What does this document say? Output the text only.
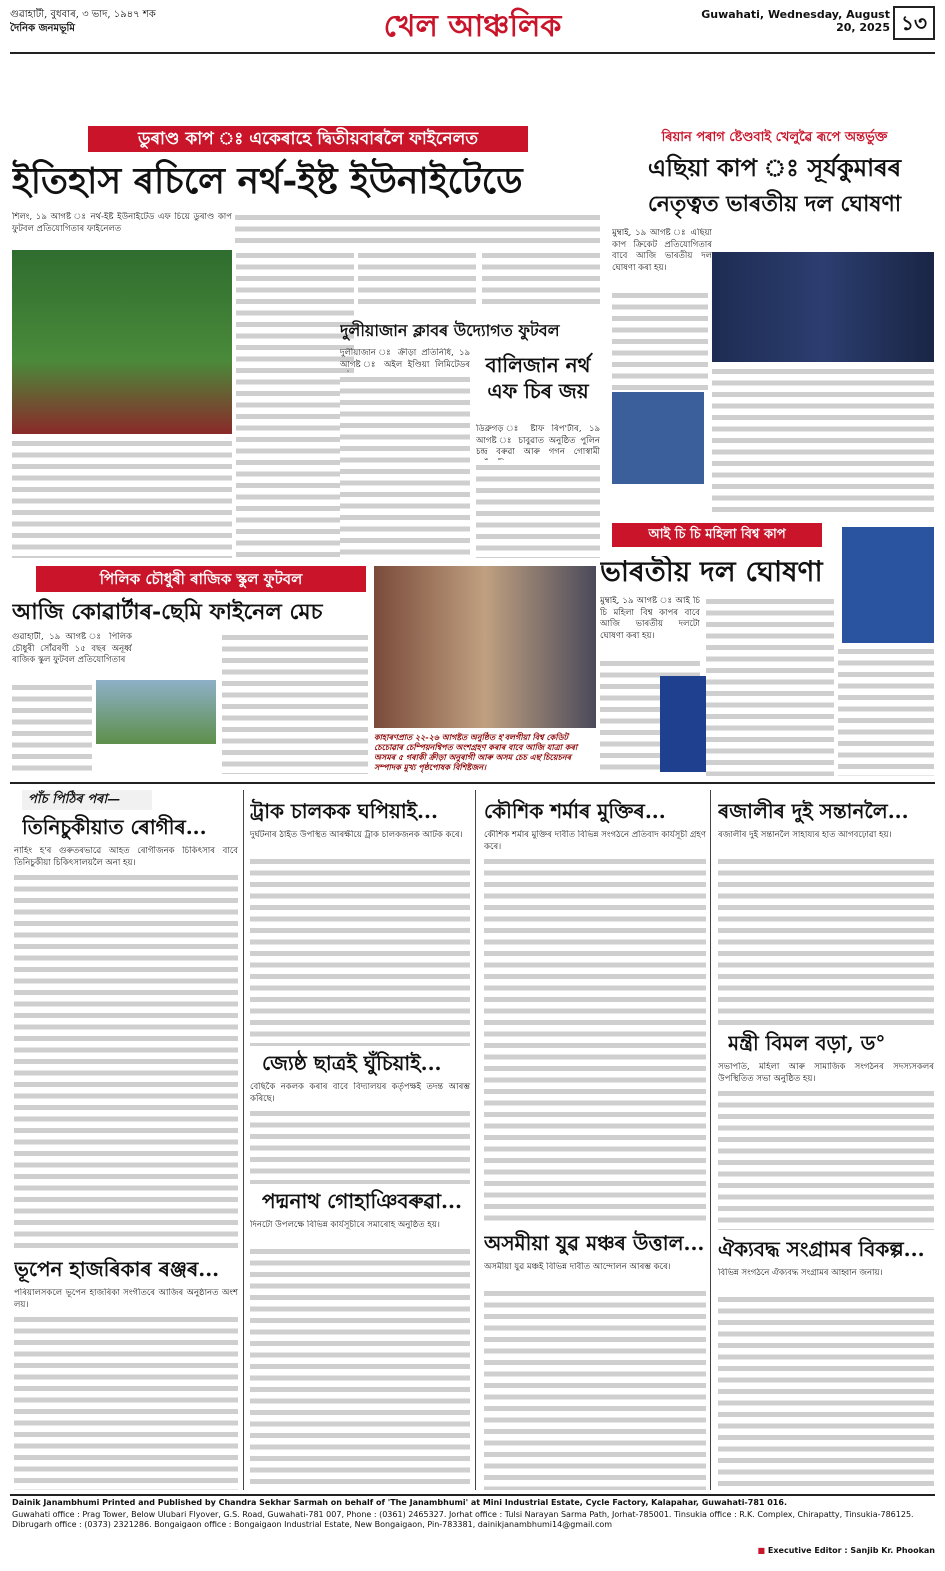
গুৱাহাটী, বুধবাৰ, ৩ ভাদ, ১৯৪৭ শক
দৈনিক জনমভূমি	খেল আঞ্চলিক	Guwahati, Wednesday, August 20, 2025 ১৩
ডুৰাণ্ড কাপ ঃ একেৰাহে দ্বিতীয়বাৰলৈ ফাইনেলত
ইতিহাস ৰচিলে নৰ্থ-ইষ্ট ইউনাইটেডে
শিলং, ১৯ আগষ্ট ঃ নৰ্থ-ইষ্ট ইউনাইটেড এফ চিয়ে ডুৰাণ্ড কাপ ফুটবল প্ৰতিযোগিতাৰ ফাইনেলত
দুলীয়াজান ক্লাবৰ উদ্যোগত ফুটবল
দুলীয়াজান ঃ ক্ৰীড়া প্ৰতিনিধি, ১৯ আগষ্ট ঃ অইল ইণ্ডিয়া লিমিটেডৰ বালিজান নৰ্থ এফ চিৰ জয়
ডিব্ৰুগড় ঃ ষ্টাফ ৰিপ'ৰ্টাৰ, ১৯ আগষ্ট ঃ চাবুৱাত অনুষ্ঠিত পুলিন চন্দ্ৰ বৰুৱা আৰু গগন গোস্বামী
ৰিয়ান পৰাগ ষ্টেণ্ডবাই খেলুৱৈ ৰূপে অন্তৰ্ভুক্ত
এছিয়া কাপ ঃ সূৰ্যকুমাৰৰ
নেতৃত্বত ভাৰতীয় দল ঘোষণা
মুম্বাই, ১৯ আগষ্ট ঃ এছিয়া কাপ ক্ৰিকেট প্ৰতিযোগিতাৰ বাবে আজি ভাৰতীয় দল ঘোষণা কৰা হয়।
আই চি চি মহিলা বিশ্ব কাপ
ভাৰতীয় দল ঘোষণা
মুম্বাই, ১৯ আগষ্ট ঃ আই চি চি মহিলা বিশ্ব কাপৰ বাবে আজি ভাৰতীয় দলটো ঘোষণা কৰা হয়।
পিলিক চৌধুৰী ৰাজিক স্কুল ফুটবল
আজি কোৱাৰ্টাৰ-ছেমি ফাইনেল মেচ
গুৱাহাটী, ১৯ আগষ্ট ঃ পিলিক চৌধুৰী সোঁৱৰণী ১৫ বছৰ অনূৰ্ধ্ব ৰাজিক স্কুল ফুটবল প্ৰতিযোগিতাৰ
কাহাৰণপ্ৰাত ২২-২৬ আগষ্টত অনুষ্ঠিত হ'বলগীয়া বিশ্ব কেডিট চেচোৱাৰ চেম্পিয়নশ্বিপত অংশগ্ৰহণ কৰাৰ বাবে আজি যাত্ৰা কৰা অসমৰ ৫ গৰাকী ক্ৰীড়া অনুৰাগী আৰু অসম চেচ এছ'চিয়েচনৰ সম্পাদক মুখ্য পৃষ্ঠপোষক বিশিষ্টজন।
পাঁচ পিঠিৰ পৰা—
তিনিচুকীয়াত ৰোগীৰ...
নাহিং হ'ৰ গুৰুতৰভাৱে আহত ৰোগীজনক চিকিৎসাৰ বাবে তিনিচুকীয়া চিকিৎসালয়লৈ অনা হয়।
ভূপেন হাজৰিকাৰ ৰঞ্জৰ...
পৰিয়ালসকলে ভূপেন হাজৰিকা সংগীতৰে আজিৰ অনুষ্ঠানত অংশ লয়।
ট্ৰাক চালকক ঘপিয়াই...
দুৰ্ঘটনাৰ ঠাইত উপস্থিত আৰক্ষীয়ে ট্ৰাক চালকজনক আটক কৰে।
জ্যেষ্ঠ ছাত্ৰই ঘুঁচিয়াই...
বেছিকৈ নকলক কৰাৰ বাবে বিদ্যালয়ৰ কৰ্তৃপক্ষই তদন্ত আৰম্ভ কৰিছে।
পদ্মনাথ গোহাঞিবৰুৱা...
দিনটো উপলক্ষে বিভিন্ন কাৰ্যসূচীৰে সমাৰোহ অনুষ্ঠিত হয়।
কৌশিক শৰ্মাৰ মুক্তিৰ...
কৌশিক শৰ্মাৰ মুক্তিৰ দাবীত বিভিন্ন সংগঠনে প্ৰতিবাদ কাৰ্যসূচী গ্ৰহণ কৰে।
অসমীয়া যুৱ মঞ্চৰ উত্তাল...
অসমীয়া যুৱ মঞ্চই বিভিন্ন দাবীত আন্দোলন আৰম্ভ কৰে।
ৰজালীৰ দুই সন্তানলৈ...
ৰজালীৰ দুই সন্তানলৈ সাহায্যৰ হাত আগবঢ়োৱা হয়।
মন্ত্ৰী বিমল বড়া, ড°
সভাপতি, মহিলা আৰু সামাজিক সংগঠনৰ সদস্যসকলৰ উপস্থিতিত সভা অনুষ্ঠিত হয়।
ঐক্যবদ্ধ সংগ্ৰামৰ বিকল্প...
বিভিন্ন সংগঠনে ঐক্যবদ্ধ সংগ্ৰামৰ আহ্বান জনায়।
Dainik Janambhumi Printed and Published by Chandra Sekhar Sarmah on behalf of 'The Janambhumi' at Mini Industrial Estate, Cycle Factory, Kalapahar, Guwahati-781 016.
Guwahati office : Prag Tower, Below Ulubari Flyover, G.S. Road, Guwahati-781 007, Phone : (0361) 2465327. Jorhat office : Tulsi Narayan Sarma Path, Jorhat-785001. Tinsukia office : R.K. Complex, Chirapatty, Tinsukia-786125. Dibrugarh office : (0373) 2321286. Bongaigaon office : Bongaigaon Industrial Estate, New Bongaigaon, Pin-783381, dainikjanambhumi14@gmail.com
■ Executive Editor : Sanjib Kr. Phookan
